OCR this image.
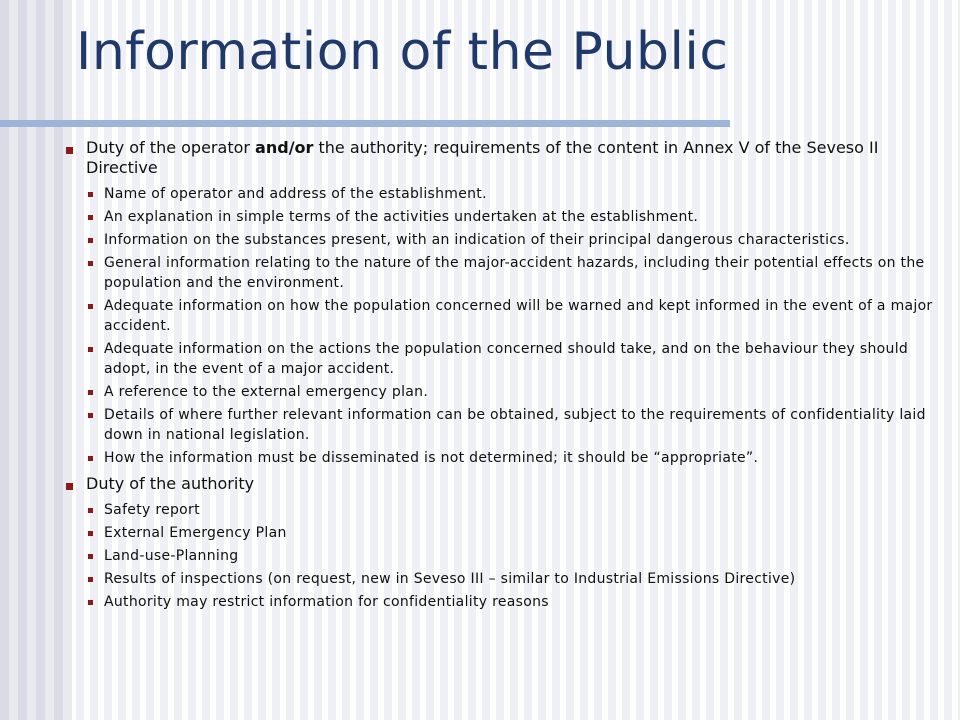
Information of the Public
Duty of the operator and/or the authority; requirements of the content in Annex V of the Seveso II Directive
Name of operator and address of the establishment.
An explanation in simple terms of the activities undertaken at the establishment.
Information on the substances present, with an indication of their principal dangerous characteristics.
General information relating to the nature of the major-accident hazards, including their potential effects on the population and the environment.
Adequate information on how the population concerned will be warned and kept informed in the event of a major accident.
Adequate information on the actions the population concerned should take, and on the behaviour they should adopt, in the event of a major accident.
A reference to the external emergency plan.
Details of where further relevant information can be obtained, subject to the requirements of confidentiality laid down in national legislation.
How the information must be disseminated is not determined; it should be “appropriate”.
Duty of the authority
Safety report
External Emergency Plan
Land-use-Planning
Results of inspections (on request, new in Seveso III – similar to Industrial Emissions Directive)
Authority may restrict information for confidentiality reasons
